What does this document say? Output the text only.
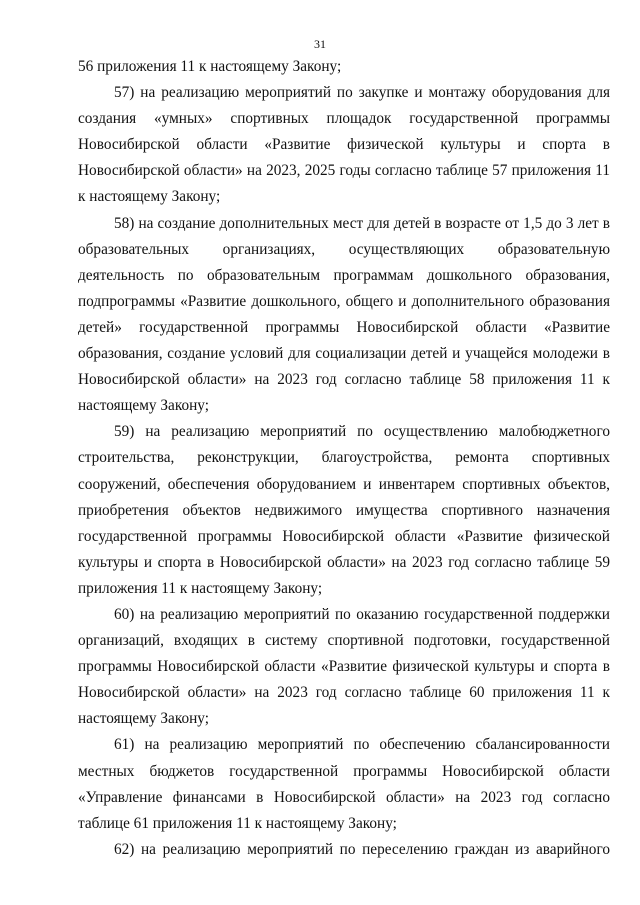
31

56 приложения 11 к настоящему Закону;

57) на реализацию мероприятий по закупке и монтажу оборудования для создания «умных» спортивных площадок государственной программы Новосибирской области «Развитие физической культуры и спорта в Новосибирской области» на 2023, 2025 годы согласно таблице 57 приложения 11 к настоящему Закону;

58) на создание дополнительных мест для детей в возрасте от 1,5 до 3 лет в образовательных организациях, осуществляющих образовательную деятельность по образовательным программам дошкольного образования, подпрограммы «Развитие дошкольного, общего и дополнительного образования детей» государственной программы Новосибирской области «Развитие образования, создание условий для социализации детей и учащейся молодежи в Новосибирской области» на 2023 год согласно таблице 58 приложения 11 к настоящему Закону;

59) на реализацию мероприятий по осуществлению малобюджетного строительства, реконструкции, благоустройства, ремонта спортивных сооружений, обеспечения оборудованием и инвентарем спортивных объектов, приобретения объектов недвижимого имущества спортивного назначения государственной программы Новосибирской области «Развитие физической культуры и спорта в Новосибирской области» на 2023 год согласно таблице 59 приложения 11 к настоящему Закону;

60) на реализацию мероприятий по оказанию государственной поддержки организаций, входящих в систему спортивной подготовки, государственной программы Новосибирской области «Развитие физической культуры и спорта в Новосибирской области» на 2023 год согласно таблице 60 приложения 11 к настоящему Закону;

61) на реализацию мероприятий по обеспечению сбалансированности местных бюджетов государственной программы Новосибирской области «Управление финансами в Новосибирской области» на 2023 год согласно таблице 61 приложения 11 к настоящему Закону;

62) на реализацию мероприятий по переселению граждан из аварийного
